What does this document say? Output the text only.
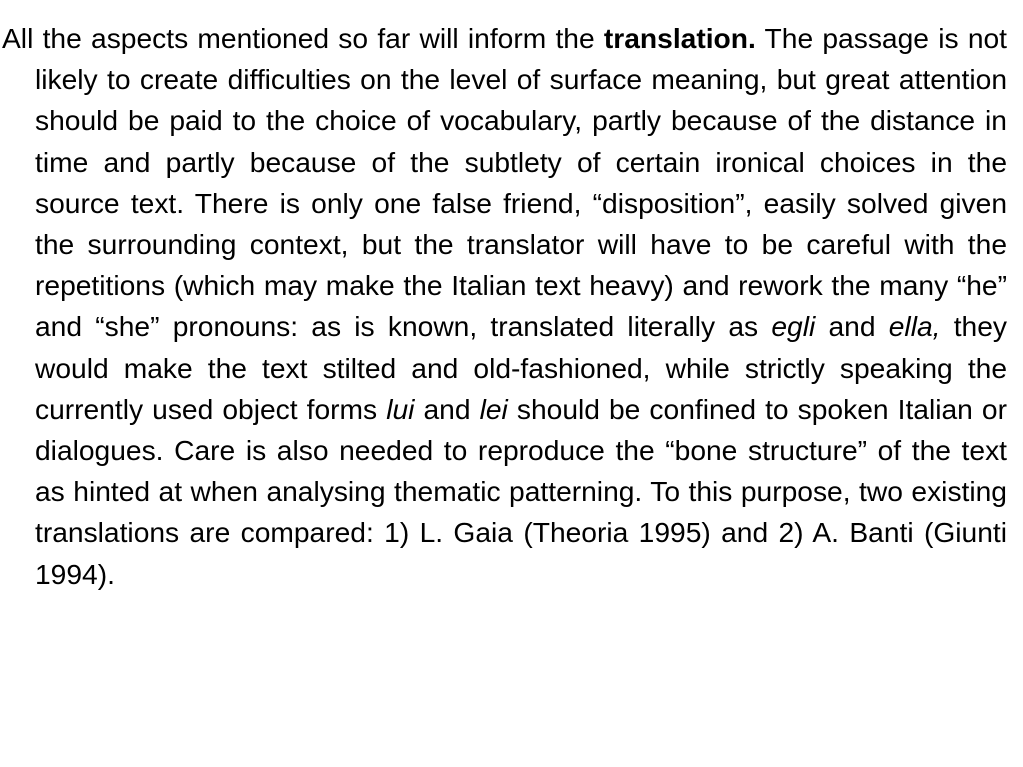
All the aspects mentioned so far will inform the translation. The passage is not likely to create difficulties on the level of surface meaning, but great attention should be paid to the choice of vocabulary, partly because of the distance in time and partly because of the subtlety of certain ironical choices in the source text. There is only one false friend, “disposition”, easily solved given the surrounding context, but the translator will have to be careful with the repetitions (which may make the Italian text heavy) and rework the many “he” and “she” pronouns: as is known, translated literally as egli and ella, they would make the text stilted and old-fashioned, while strictly speaking the currently used object forms lui and lei should be confined to spoken Italian or dialogues. Care is also needed to reproduce the “bone structure” of the text as hinted at when analysing thematic patterning. To this purpose, two existing translations are compared: 1) L. Gaia (Theoria 1995) and 2) A. Banti (Giunti 1994).
